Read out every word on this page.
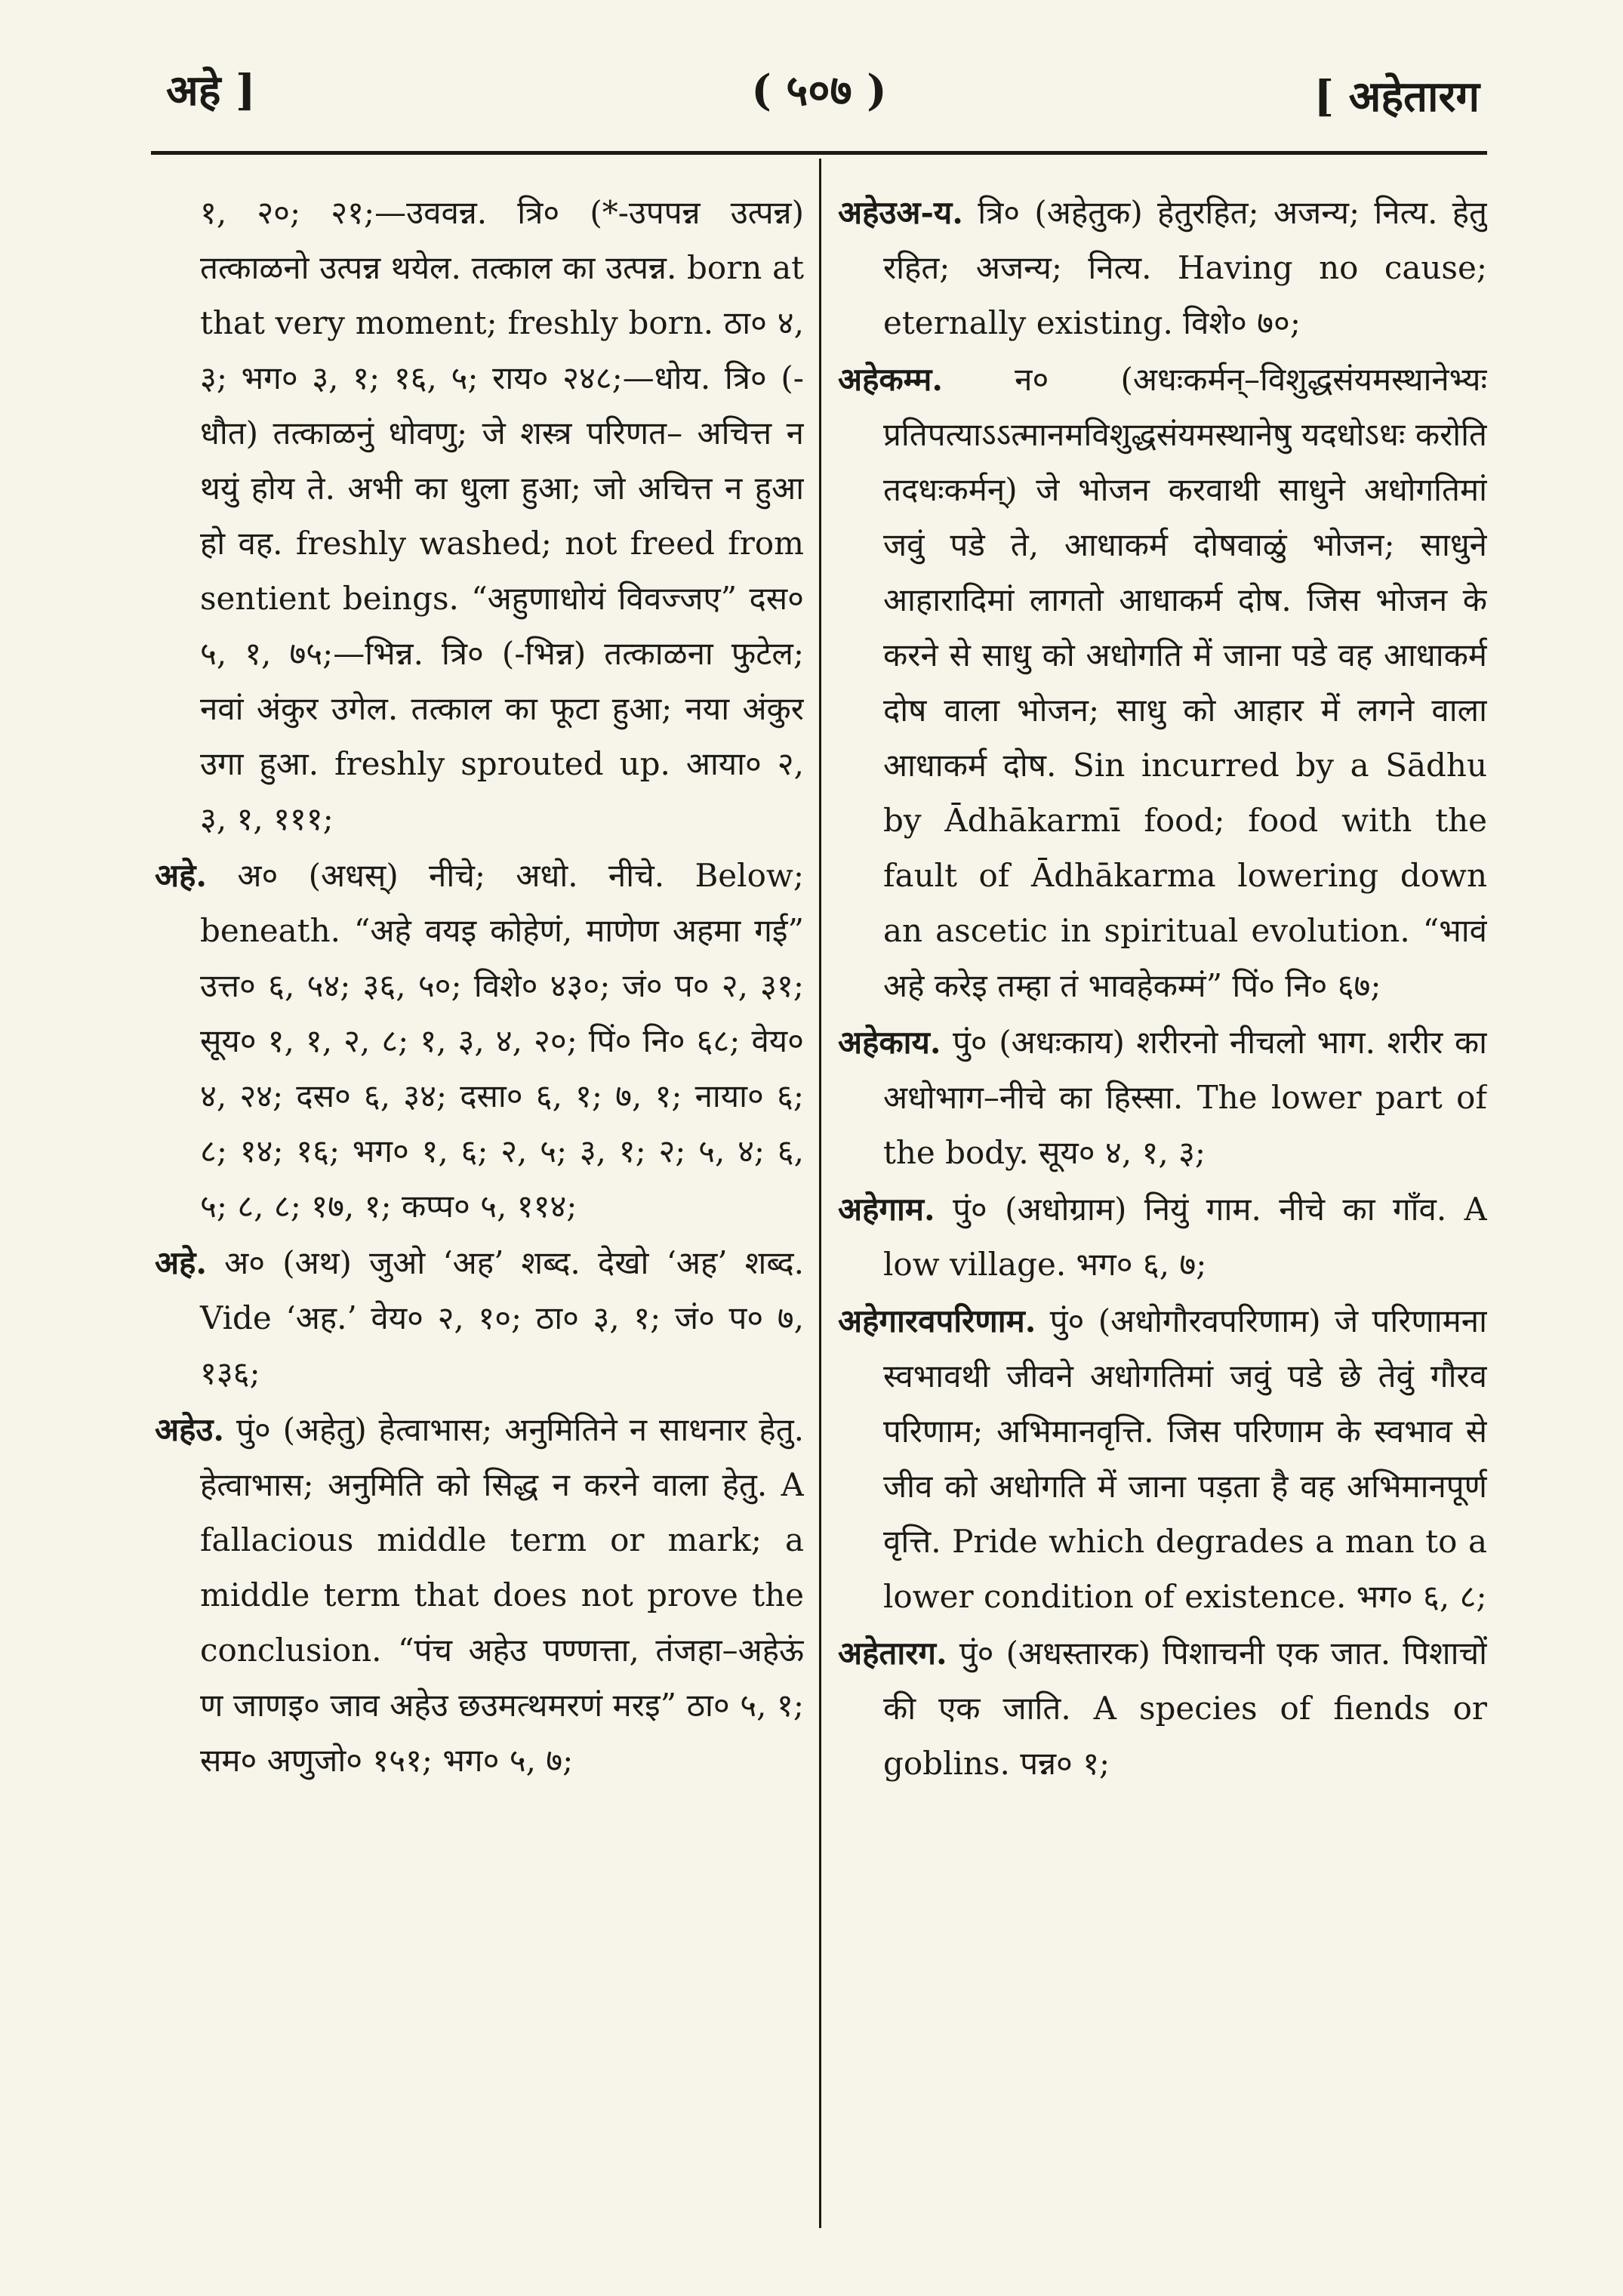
अहे ]	( ५०७ )	[ अहेतारग

१, २०; २१;—उववन्न. त्रि० (*-उपपन्न उत्पन्न) तत्काळनो उत्पन्न थयेल. तत्काल का उत्पन्न. born at that very moment; freshly born. ठा० ४, ३; भग० ३, १; १६, ५; राय० २४८;—धोय. त्रि० (-धौत) तत्काळनुं धोवणु; जे शस्त्र परिणत– अचित्त न थयुं होय ते. अभी का धुला हुआ; जो अचित्त न हुआ हो वह. freshly washed; not freed from sentient beings. “अहुणाधोयं विवज्जए” दस० ५, १, ७५;—भिन्न. त्रि० (-भिन्न) तत्काळना फुटेल; नवां अंकुर उगेल. तत्काल का फूटा हुआ; नया अंकुर उगा हुआ. freshly sprouted up. आया० २, ३, १, १११;

अहे. अ० (अधस्) नीचे; अधो. नीचे. Below; beneath. “अहे वयइ कोहेणं, माणेण अहमा गई” उत्त० ६, ५४; ३६, ५०; विशे० ४३०; जं० प० २, ३१; सूय० १, १, २, ८; १, ३, ४, २०; पिं० नि० ६८; वेय० ४, २४; दस० ६, ३४; दसा० ६, १; ७, १; नाया० ६; ८; १४; १६; भग० १, ६; २, ५; ३, १; २; ५, ४; ६, ५; ८, ८; १७, १; कप्प० ५, ११४;

अहे. अ० (अथ) जुओ ‘अह’ शब्द. देखो ‘अह’ शब्द. Vide ‘अह.’ वेय० २, १०; ठा० ३, १; जं० प० ७, १३६;

अहेउ. पुं० (अहेतु) हेत्वाभास; अनुमितिने न साधनार हेतु. हेत्वाभास; अनुमिति को सिद्ध न करने वाला हेतु. A fallacious middle term or mark; a middle term that does not prove the conclusion. “पंच अहेउ पण्णत्ता, तंजहा–अहेऊं ण जाणइ० जाव अहेउ छउमत्थमरणं मरइ” ठा० ५, १; सम० अणुजो० १५१; भग० ५, ७;

अहेउअ-य. त्रि० (अहेतुक) हेतुरहित; अजन्य; नित्य. हेतु रहित; अजन्य; नित्य. Having no cause; eternally existing. विशे० ७०;

अहेकम्म. न० (अधःकर्मन्–विशुद्धसंयमस्थानेभ्यः प्रतिपत्याऽऽत्मानमविशुद्धसंयमस्थानेषु यदधोऽधः करोति तदधःकर्मन्) जे भोजन करवाथी साधुने अधोगतिमां जवुं पडे ते, आधाकर्म दोषवाळुं भोजन; साधुने आहारादिमां लागतो आधाकर्म दोष. जिस भोजन के करने से साधु को अधोगति में जाना पडे वह आधाकर्म दोष वाला भोजन; साधु को आहार में लगने वाला आधाकर्म दोष. Sin incurred by a Sādhu by Ādhākarmī food; food with the fault of Ādhākarma lowering down an ascetic in spiritual evolution. “भावं अहे करेइ तम्हा तं भावहेकम्मं” पिं० नि० ६७;

अहेकाय. पुं० (अधःकाय) शरीरनो नीचलो भाग. शरीर का अधोभाग–नीचे का हिस्सा. The lower part of the body. सूय० ४, १, ३;

अहेगाम. पुं० (अधोग्राम) नियुं गाम. नीचे का गाँव. A low village. भग० ६, ७;

अहेगारवपरिणाम. पुं० (अधोगौरवपरिणाम) जे परिणामना स्वभावथी जीवने अधोगतिमां जवुं पडे छे तेवुं गौरव परिणाम; अभिमानवृत्ति. जिस परिणाम के स्वभाव से जीव को अधोगति में जाना पड़ता है वह अभिमानपूर्ण वृत्ति. Pride which degrades a man to a lower condition of existence. भग० ६, ८;

अहेतारग. पुं० (अधस्तारक) पिशाचनी एक जात. पिशाचों की एक जाति. A species of fiends or goblins. पन्न० १;
